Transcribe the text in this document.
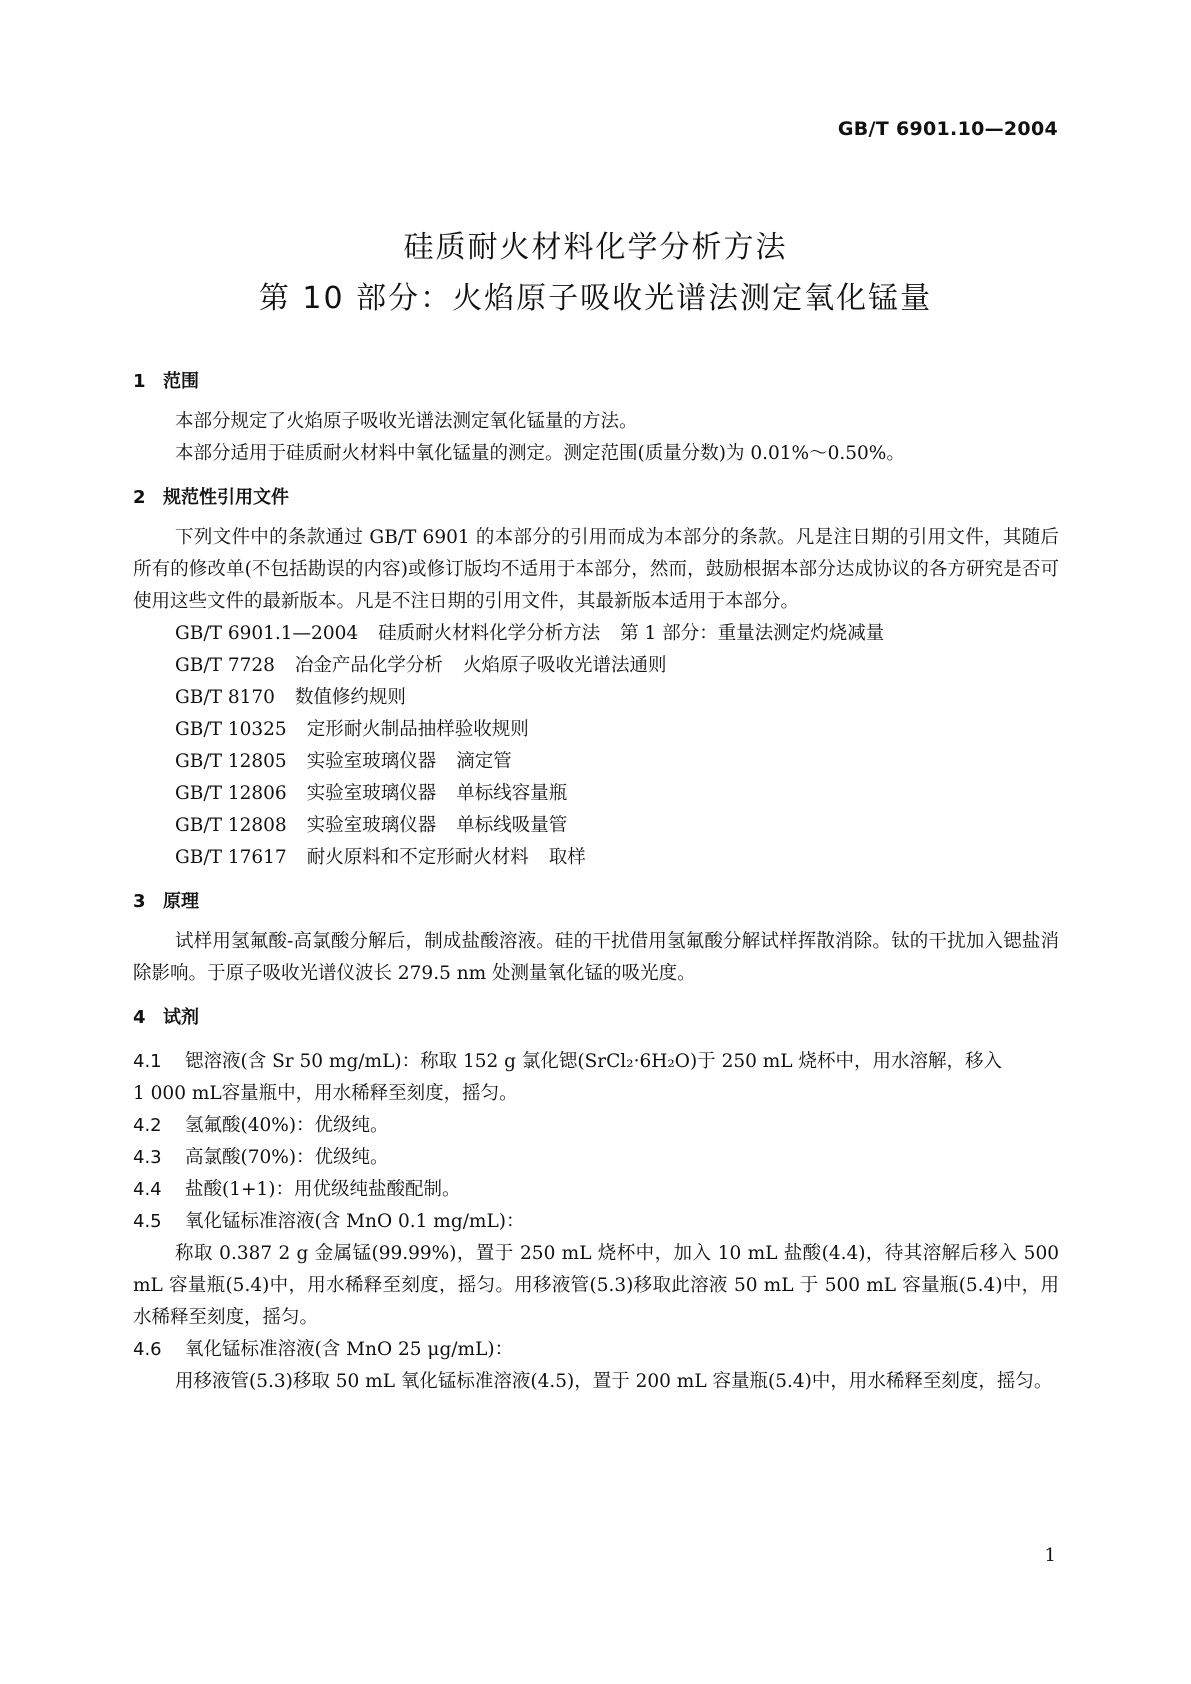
GB/T 6901.10—2004
硅质耐火材料化学分析方法
第 10 部分：火焰原子吸收光谱法测定氧化锰量
1 范围

本部分规定了火焰原子吸收光谱法测定氧化锰量的方法。

本部分适用于硅质耐火材料中氧化锰量的测定。测定范围(质量分数)为 0.01%～0.50%。

2 规范性引用文件

下列文件中的条款通过 GB/T 6901 的本部分的引用而成为本部分的条款。凡是注日期的引用文件，其随后所有的修改单(不包括勘误的内容)或修订版均不适用于本部分，然而，鼓励根据本部分达成协议的各方研究是否可使用这些文件的最新版本。凡是不注日期的引用文件，其最新版本适用于本部分。

GB/T 6901.1—2004 硅质耐火材料化学分析方法 第 1 部分：重量法测定灼烧减量
GB/T 7728 冶金产品化学分析 火焰原子吸收光谱法通则
GB/T 8170 数值修约规则
GB/T 10325 定形耐火制品抽样验收规则
GB/T 12805 实验室玻璃仪器 滴定管
GB/T 12806 实验室玻璃仪器 单标线容量瓶
GB/T 12808 实验室玻璃仪器 单标线吸量管
GB/T 17617 耐火原料和不定形耐火材料 取样
3 原理

试样用氢氟酸-高氯酸分解后，制成盐酸溶液。硅的干扰借用氢氟酸分解试样挥散消除。钛的干扰加入锶盐消除影响。于原子吸收光谱仪波长 279.5 nm 处测量氧化锰的吸光度。

4 试剂
4.1 锶溶液(含 Sr 50 mg/mL)：称取 152 g 氯化锶(SrCl₂·6H₂O)于 250 mL 烧杯中，用水溶解，移入
1 000 mL容量瓶中，用水稀释至刻度，摇匀。
4.2 氢氟酸(40%)：优级纯。
4.3 高氯酸(70%)：优级纯。
4.4 盐酸(1+1)：用优级纯盐酸配制。
4.5 氧化锰标准溶液(含 MnO 0.1 mg/mL)：

称取 0.387 2 g 金属锰(99.99%)，置于 250 mL 烧杯中，加入 10 mL 盐酸(4.4)，待其溶解后移入 500 mL 容量瓶(5.4)中，用水稀释至刻度，摇匀。用移液管(5.3)移取此溶液 50 mL 于 500 mL 容量瓶(5.4)中，用水稀释至刻度，摇匀。

4.6 氧化锰标准溶液(含 MnO 25 μg/mL)：

用移液管(5.3)移取 50 mL 氧化锰标准溶液(4.5)，置于 200 mL 容量瓶(5.4)中，用水稀释至刻度，摇匀。

1
